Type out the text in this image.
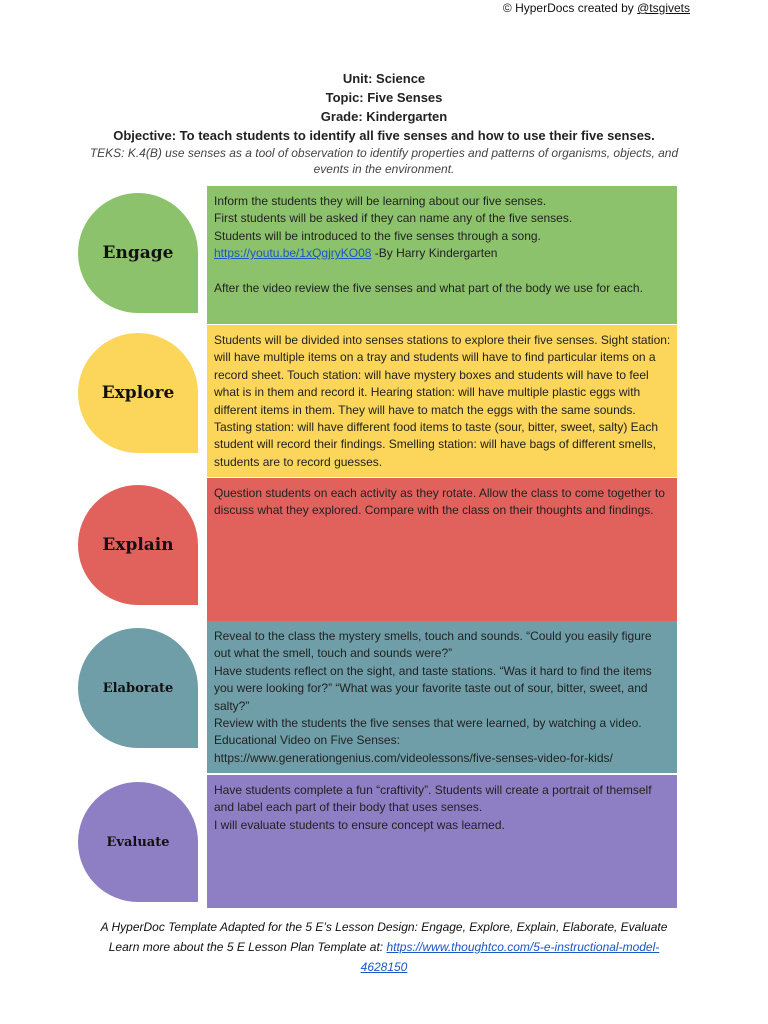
© HyperDocs created by @tsgivets
Unit: Science
Topic: Five Senses
Grade: Kindergarten
Objective: To teach students to identify all five senses and how to use their five senses.
TEKS: K.4(B) use senses as a tool of observation to identify properties and patterns of organisms, objects, and events in the environment.
Engage

Inform the students they will be learning about our five senses.

First students will be asked if they can name any of the five senses.

Students will be introduced to the five senses through a song.

https://youtu.be/1xQgjryKO08 -By Harry Kindergarten

After the video review the five senses and what part of the body we use for each.

Explore

Students will be divided into senses stations to explore their five senses. Sight station: will have multiple items on a tray and students will have to find particular items on a record sheet. Touch station: will have mystery boxes and students will have to feel what is in them and record it. Hearing station: will have multiple plastic eggs with different items in them. They will have to match the eggs with the same sounds. Tasting station: will have different food items to taste (sour, bitter, sweet, salty) Each student will record their findings. Smelling station: will have bags of different smells, students are to record guesses.

Explain

Question students on each activity as they rotate. Allow the class to come together to discuss what they explored. Compare with the class on their thoughts and findings.

Elaborate

Reveal to the class the mystery smells, touch and sounds. “Could you easily figure out what the smell, touch and sounds were?”

Have students reflect on the sight, and taste stations. “Was it hard to find the items you were looking for?” “What was your favorite taste out of sour, bitter, sweet, and salty?”

Review with the students the five senses that were learned, by watching a video.

Educational Video on Five Senses:

https://www.generationgenius.com/videolessons/five-senses-video-for-kids/

Evaluate

Have students complete a fun “craftivity”. Students will create a portrait of themself and label each part of their body that uses senses.

I will evaluate students to ensure concept was learned.

A HyperDoc Template Adapted for the 5 E’s Lesson Design: Engage, Explore, Explain, Elaborate, Evaluate
Learn more about the 5 E Lesson Plan Template at: https://www.thoughtco.com/5-e-instructional-model-4628150
